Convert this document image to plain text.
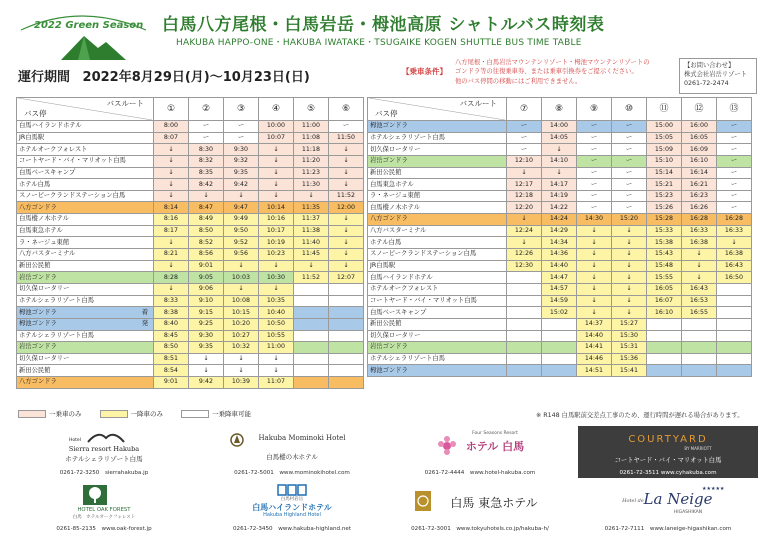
2022 Green Season 白馬八方尾根・白馬岩岳・栂池高原 シャトルバス時刻表
HAKUBA HAPPO-ONE・HAKUBA IWATAKE・TSUGAIKE KOGEN SHUTTLE BUS TIME TABLE
運行期間 2022年8月29日(月)～10月23日(日)	【乗車条件】
八方尾根・白馬岩岳マウンテンリゾート・栂池マウンテンリゾートの
ゴンドラ等の往復乗車券、または乗車引換券をご提示ください。
他のバス停間の移動にはご利用できません。
【お問い合わせ】
株式会社岩岳リゾート
0261-72-2474
バスルート
バス停	①	②	③	④	⑤	⑥
白馬ハイランドホテル	8:00	ー	ー	10:00	11:00	ー
JR白馬駅	8:07	ー	ー	10:07	11:08	11:50
ホテルオークフォレスト	↓	8:30	9:30	↓	11:18	↓
コートヤード・バイ・マリオット白馬	↓	8:32	9:32	↓	11:20	↓
白馬ベースキャンプ	↓	8:35	9:35	↓	11:23	↓
ホテル白馬	↓	8:42	9:42	↓	11:30	↓
スノーピークランドステーション白馬	↓	↓	↓	↓	↓	11:52
八方ゴンドラ	8:14	8:47	9:47	10:14	11:35	12:00
白馬樅ノ木ホテル	8:16	8:49	9:49	10:16	11:37	↓
白馬東急ホテル	8:17	8:50	9:50	10:17	11:38	↓
ラ・ネージュ東館	↓	8:52	9:52	10:19	11:40	↓
八方バスターミナル	8:21	8:56	9:56	10:23	11:45	↓
新田公民館	↓	9:01	↓	↓	↓	↓
岩岳ゴンドラ	8:28	9:05	10:03	10:30	11:52	12:07
切久保ロータリー	↓	9:06	↓	↓		
ホテルシェラリゾート白馬	8:33	9:10	10:08	10:35		
栂池ゴンドラ 着	8:38	9:15	10:15	10:40		
栂池ゴンドラ 発	8:40	9:25	10:20	10:50		
ホテルシェラリゾート白馬	8:45	9:30	10:27	10:55		
岩岳ゴンドラ	8:50	9:35	10:32	11:00		
切久保ロータリー	8:51	↓	↓	↓		
新田公民館	8:54	↓	↓	↓		
八方ゴンドラ	9:01	9:42	10:39	11:07		
バスルート
バス停	⑦	⑧	⑨	⑩	⑪	⑫	⑬
栂池ゴンドラ	ー	14:00	ー	ー	15:00	16:00	ー
ホテルシェラリゾート白馬	ー	14:05	ー	ー	15:05	16:05	ー
切久保ロータリー	ー	↓	ー	ー	15:09	16:09	ー
岩岳ゴンドラ	12:10	14:10	ー	ー	15:10	16:10	ー
新田公民館	↓	↓	ー	ー	15:14	16:14	ー
白馬東急ホテル	12:17	14:17	ー	ー	15:21	16:21	ー
ラ・ネージュ東館	12:18	14:19	ー	ー	15:23	16:23	ー
白馬樅ノ木ホテル	12:20	14:22	ー	ー	15:26	16:26	ー
八方ゴンドラ	↓	14:24	14:30	15:20	15:28	16:28	16:28
八方バスターミナル	12:24	14:29	↓	↓	15:33	16:33	16:33
ホテル白馬	↓	14:34	↓	↓	15:38	16:38	↓
スノーピークランドステーション白馬	12:26	14:36	↓	↓	15:43	↓	16:38
JR白馬駅	12:30	14:40	↓	↓	15:48	↓	16:43
白馬ハイランドホテル		14:47	↓	↓	15:55	↓	16:50
ホテルオークフォレスト		14:57	↓	↓	16:05	16:43	
コートヤード・バイ・マリオット白馬		14:59	↓	↓	16:07	16:53	
白馬ベースキャンプ		15:02	↓	↓	16:10	16:55	
新田公民館			14:37	15:27			
切久保ロータリー			14:40	15:30			
岩岳ゴンドラ			14:41	15:31			
ホテルシェラリゾート白馬			14:46	15:36			
栂池ゴンドラ			14:51	15:41			
一乗車のみ	一降車のみ	一乗降車可能	※ R148 白馬駅前交差点工事のため、運行時間が遅れる場合があります。
Hotel
Sierra resort Hakuba
ホテルシェラリゾート白馬
0261-72-3250　sierrahakuba.jp
Hakuba Mominoki Hotel
白馬樅の木ホテル
0261-72-5001　www.mominokihotel.com
Four Seasons Resort
ホテル 白馬
0261-72-4444　www.hotel-hakuba.com
COURTYARD
BY MARRIOTT
コートヤード・バイ・マリオット白馬
0261-72-3511 www.cyhakuba.com
HOTEL OAK FOREST
白馬　ホテルオークフォレスト
0261-85-2135　www.oak-forest.jp
白馬村岩岳
白馬ハイランドホテル
Hakuba Highland Hotel
0261-72-3450　www.hakuba-highland.net
白馬 東急ホテル
0261-72-3001　www.tokyuhotels.co.jp/hakuba-h/
Hotel de La Neige
★★★★★
HIGASHIKAN
0261-72-7111　www.laneige-higashikan.com
